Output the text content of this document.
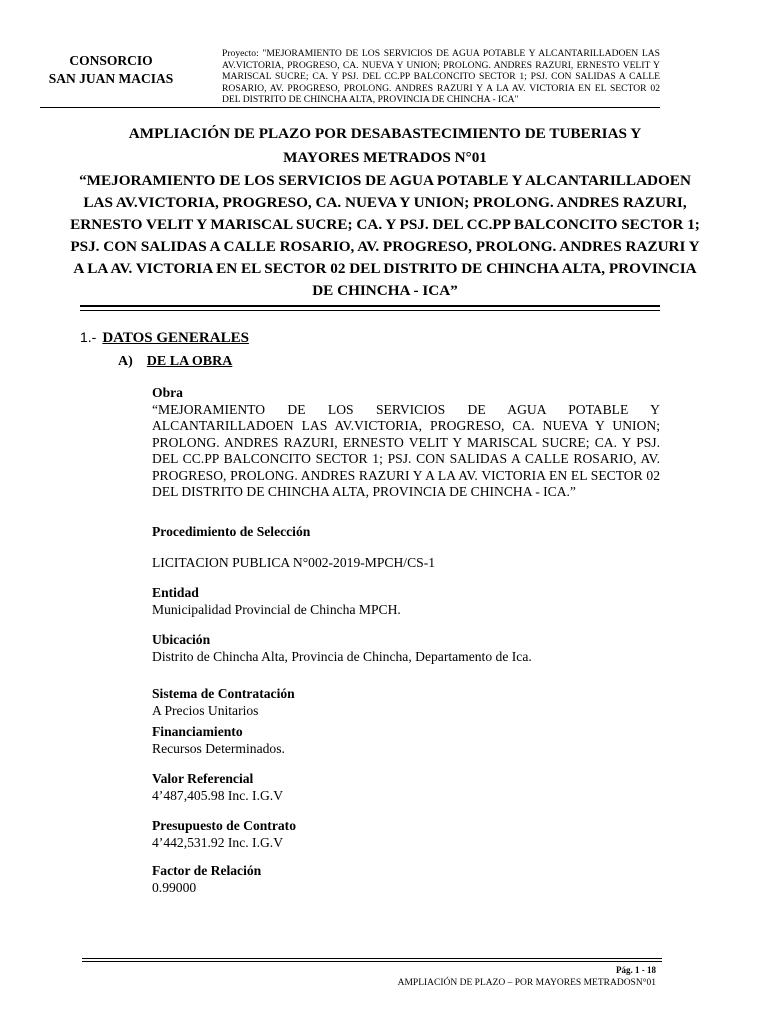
CONSORCIO
SAN JUAN MACIAS
Proyecto: "MEJORAMIENTO DE LOS SERVICIOS DE AGUA POTABLE Y ALCANTARILLADOEN LAS AV.VICTORIA, PROGRESO, CA. NUEVA Y UNION; PROLONG. ANDRES RAZURI, ERNESTO VELIT Y MARISCAL SUCRE; CA. Y PSJ. DEL CC.PP BALCONCITO SECTOR 1; PSJ. CON SALIDAS A CALLE ROSARIO, AV. PROGRESO, PROLONG. ANDRES RAZURI Y A LA AV. VICTORIA EN EL SECTOR 02 DEL DISTRITO DE CHINCHA ALTA, PROVINCIA DE CHINCHA - ICA"
AMPLIACIÓN DE PLAZO POR DESABASTECIMIENTO DE TUBERIAS Y
MAYORES METRADOS N°01
“MEJORAMIENTO DE LOS SERVICIOS DE AGUA POTABLE Y ALCANTARILLADOEN LAS AV.VICTORIA, PROGRESO, CA. NUEVA Y UNION; PROLONG. ANDRES RAZURI, ERNESTO VELIT Y MARISCAL SUCRE; CA. Y PSJ. DEL CC.PP BALCONCITO SECTOR 1; PSJ. CON SALIDAS A CALLE ROSARIO, AV. PROGRESO, PROLONG. ANDRES RAZURI Y A LA AV. VICTORIA EN EL SECTOR 02 DEL DISTRITO DE CHINCHA ALTA, PROVINCIA DE CHINCHA - ICA”
1.- DATOS GENERALES
A) DE LA OBRA
Obra
“MEJORAMIENTO DE LOS SERVICIOS DE AGUA POTABLE Y ALCANTARILLADOEN LAS AV.VICTORIA, PROGRESO, CA. NUEVA Y UNION; PROLONG. ANDRES RAZURI, ERNESTO VELIT Y MARISCAL SUCRE; CA. Y PSJ. DEL CC.PP BALCONCITO SECTOR 1; PSJ. CON SALIDAS A CALLE ROSARIO, AV. PROGRESO, PROLONG. ANDRES RAZURI Y A LA AV. VICTORIA EN EL SECTOR 02 DEL DISTRITO DE CHINCHA ALTA, PROVINCIA DE CHINCHA - ICA.”
Procedimiento de Selección
LICITACION PUBLICA N°002-2019-MPCH/CS-1
Entidad
Municipalidad Provincial de Chincha MPCH.
Ubicación
Distrito de Chincha Alta, Provincia de Chincha, Departamento de Ica.
Sistema de Contratación
A Precios Unitarios
Financiamiento
Recursos Determinados.
Valor Referencial
4’487,405.98 Inc. I.G.V
Presupuesto de Contrato
4’442,531.92 Inc. I.G.V
Factor de Relación
0.99000
Pág. 1 - 18
AMPLIACIÓN DE PLAZO – POR MAYORES METRADOSN°01
